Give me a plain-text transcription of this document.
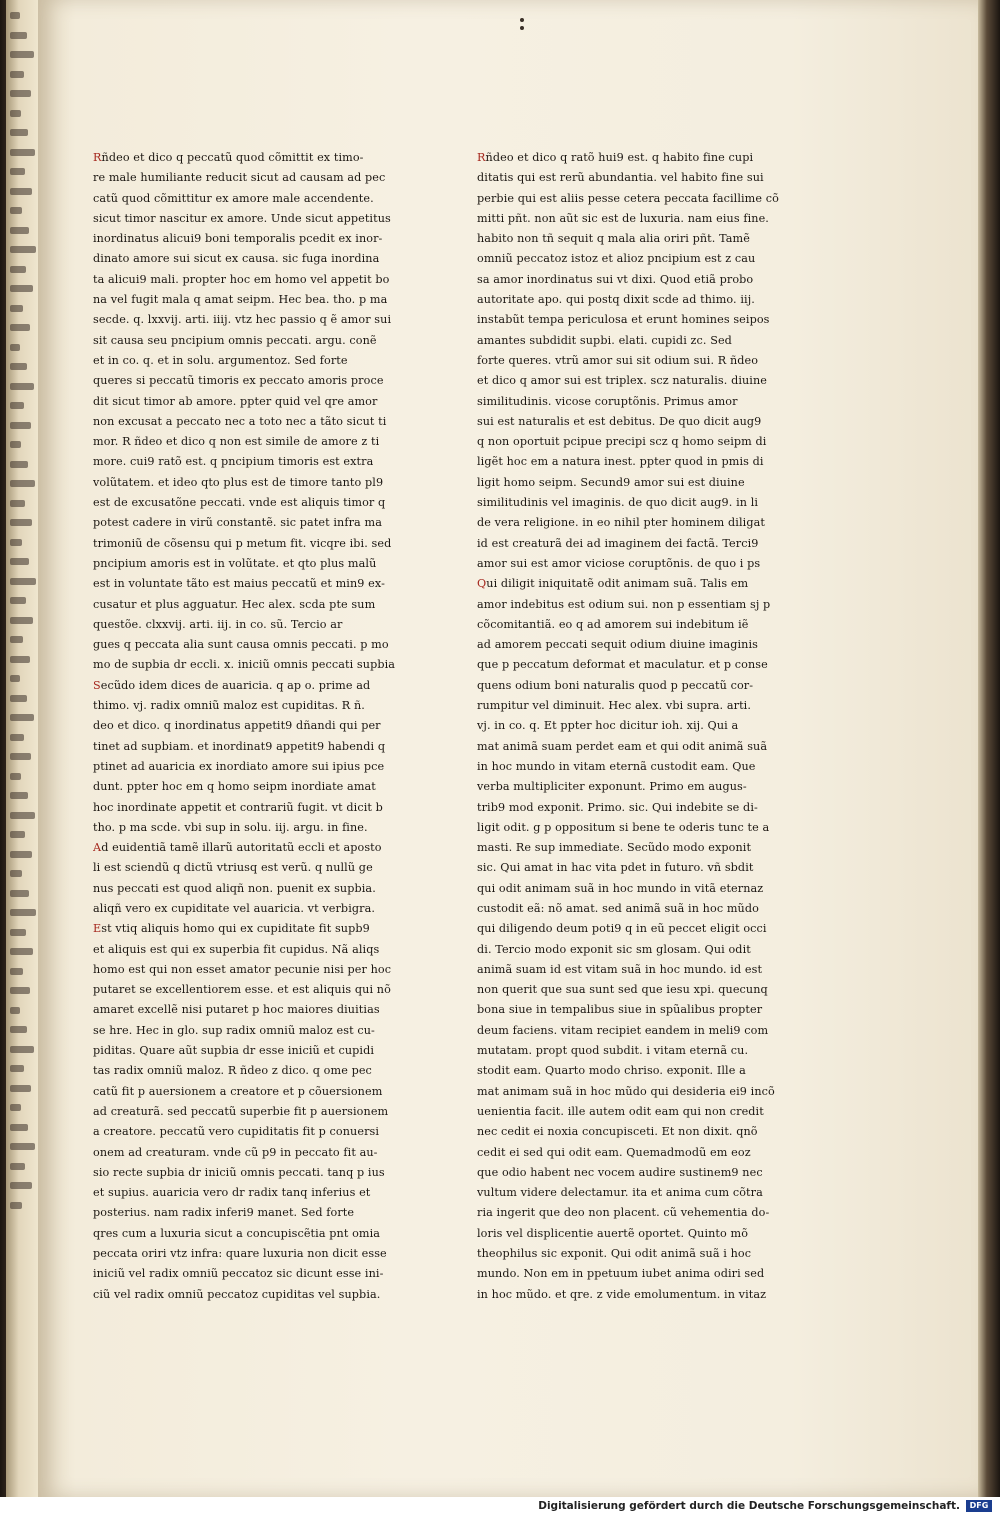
Rñdeo et dico q peccatũ quod cõmittit ex timo-
re male humiliante reducit sicut ad causam ad pec
catũ quod cõmittitur ex amore male accendente.
sicut timor nascitur ex amore. Unde sicut appetitus
inordinatus alicui9 boni temporalis pcedit ex inor-
dinato amore sui sicut ex causa. sic fuga inordina
ta alicui9 mali. propter hoc em homo vel appetit bo
na vel fugit mala q amat seipm. Hec bea. tho. p ma
secde. q. lxxvij. arti. iiij. vtz hec passio q ẽ amor sui
sit causa seu pncipium omnis peccati. argu. conẽ
et in co. q. et in solu. argumentoz. Sed forte
queres si peccatũ timoris ex peccato amoris proce
dit sicut timor ab amore. ppter quid vel qre amor
non excusat a peccato nec a toto nec a tãto sicut ti
mor. R ñdeo et dico q non est simile de amore z ti
more. cui9 ratõ est. q pncipium timoris est extra
volũtatem. et ideo qto plus est de timore tanto pl9
est de excusatõne peccati. vnde est aliquis timor q
potest cadere in virũ constantẽ. sic patet infra ma
trimoniũ de cõsensu qui p metum fit. vicqre ibi. sed
pncipium amoris est in volũtate. et qto plus malũ
est in voluntate tãto est maius peccatũ et min9 ex-
cusatur et plus agguatur. Hec alex. scda pte sum
questõe. clxxvij. arti. iij. in co. sũ. Tercio ar
gues q peccata alia sunt causa omnis peccati. p mo
mo de supbia dr eccli. x. iniciũ omnis peccati supbia
Secũdo idem dices de auaricia. q ap o. prime ad
thimo. vj. radix omniũ maloz est cupiditas. R ñ.
deo et dico. q inordinatus appetit9 dñandi qui per
tinet ad supbiam. et inordinat9 appetit9 habendi q
ptinet ad auaricia ex inordiato amore sui ipius pce
dunt. ppter hoc em q homo seipm inordiate amat
hoc inordinate appetit et contrariũ fugit. vt dicit b
tho. p ma scde. vbi sup in solu. iij. argu. in fine.
Ad euidentiã tamẽ illarũ autoritatũ eccli et aposto
li est sciendũ q dictũ vtriusq est verũ. q nullũ ge
nus peccati est quod aliqñ non. puenit ex supbia.
aliqñ vero ex cupiditate vel auaricia. vt verbigra.
Est vtiq aliquis homo qui ex cupiditate fit supb9
et aliquis est qui ex superbia fit cupidus. Nã aliqs
homo est qui non esset amator pecunie nisi per hoc
putaret se excellentiorem esse. et est aliquis qui nõ
amaret excellẽ nisi putaret p hoc maiores diuitias
se hre. Hec in glo. sup radix omniũ maloz est cu-
piditas. Quare aũt supbia dr esse iniciũ et cupidi
tas radix omniũ maloz. R ñdeo z dico. q ome pec
catũ fit p auersionem a creatore et p cõuersionem
ad creaturã. sed peccatũ superbie fit p auersionem
a creatore. peccatũ vero cupiditatis fit p conuersi
onem ad creaturam. vnde cũ p9 in peccato fit au-
sio recte supbia dr iniciũ omnis peccati. tanq p ius
et supius. auaricia vero dr radix tanq inferius et
posterius. nam radix inferi9 manet. Sed forte
qres cum a luxuria sicut a concupiscẽtia pnt omia
peccata oriri vtz infra: quare luxuria non dicit esse
iniciũ vel radix omniũ peccatoz sic dicunt esse ini-
ciũ vel radix omniũ peccatoz cupiditas vel supbia.
Rñdeo et dico q ratõ hui9 est. q habito fine cupi
ditatis qui est rerũ abundantia. vel habito fine sui
perbie qui est aliis pesse cetera peccata facillime cõ
mitti pñt. non aũt sic est de luxuria. nam eius fine.
habito non tñ sequit q mala alia oriri pñt. Tamẽ
omniũ peccatoz istoz et alioz pncipium est z cau
sa amor inordinatus sui vt dixi. Quod etiã probo
autoritate apo. qui postq dixit scde ad thimo. iij.
instabũt tempa periculosa et erunt homines seipos
amantes subdidit supbi. elati. cupidi zc. Sed
forte queres. vtrũ amor sui sit odium sui. R ñdeo
et dico q amor sui est triplex. scz naturalis. diuine
similitudinis. vicose coruptõnis. Primus amor
sui est naturalis et est debitus. De quo dicit aug9
q non oportuit pcipue precipi scz q homo seipm di
ligẽt hoc em a natura inest. ppter quod in pmis di
ligit homo seipm. Secund9 amor sui est diuine
similitudinis vel imaginis. de quo dicit aug9. in li
de vera religione. in eo nihil pter hominem diligat
id est creaturã dei ad imaginem dei factã. Terci9
amor sui est amor viciose coruptõnis. de quo i ps
Qui diligit iniquitatẽ odit animam suã. Talis em
amor indebitus est odium sui. non p essentiam sj p
cõcomitantiã. eo q ad amorem sui indebitum iẽ
ad amorem peccati sequit odium diuine imaginis
que p peccatum deformat et maculatur. et p conse
quens odium boni naturalis quod p peccatũ cor-
rumpitur vel diminuit. Hec alex. vbi supra. arti.
vj. in co. q. Et ppter hoc dicitur ioh. xij. Qui a
mat animã suam perdet eam et qui odit animã suã
in hoc mundo in vitam eternã custodit eam. Que
verba multipliciter exponunt. Primo em augus-
trib9 mod exponit. Primo. sic. Qui indebite se di-
ligit odit. g p oppositum si bene te oderis tunc te a
masti. Re sup immediate. Secũdo modo exponit
sic. Qui amat in hac vita pdet in futuro. vñ sbdit
qui odit animam suã in hoc mundo in vitã eternaz
custodit eã: nõ amat. sed animã suã in hoc mũdo
qui diligendo deum poti9 q in eũ peccet eligit occi
di. Tercio modo exponit sic sm glosam. Qui odit
animã suam id est vitam suã in hoc mundo. id est
non querit que sua sunt sed que iesu xpi. quecunq
bona siue in tempalibus siue in spũalibus propter
deum faciens. vitam recipiet eandem in meli9 com
mutatam. propt quod subdit. i vitam eternã cu.
stodit eam. Quarto modo chriso. exponit. Ille a
mat animam suã in hoc mũdo qui desideria ei9 incõ
uenientia facit. ille autem odit eam qui non credit
nec cedit ei noxia concupisceti. Et non dixit. qnõ
cedit ei sed qui odit eam. Quemadmodũ em eoz
que odio habent nec vocem audire sustinem9 nec
vultum videre delectamur. ita et anima cum cõtra
ria ingerit que deo non placent. cũ vehementia do-
loris vel displicentie auertẽ oportet. Quinto mõ
theophilus sic exponit. Qui odit animã suã i hoc
mundo. Non em in ppetuum iubet anima odiri sed
in hoc mũdo. et qre. z vide emolumentum. in vitaz
Digitalisierung gefördert durch die Deutsche Forschungsgemeinschaft.	DFG
